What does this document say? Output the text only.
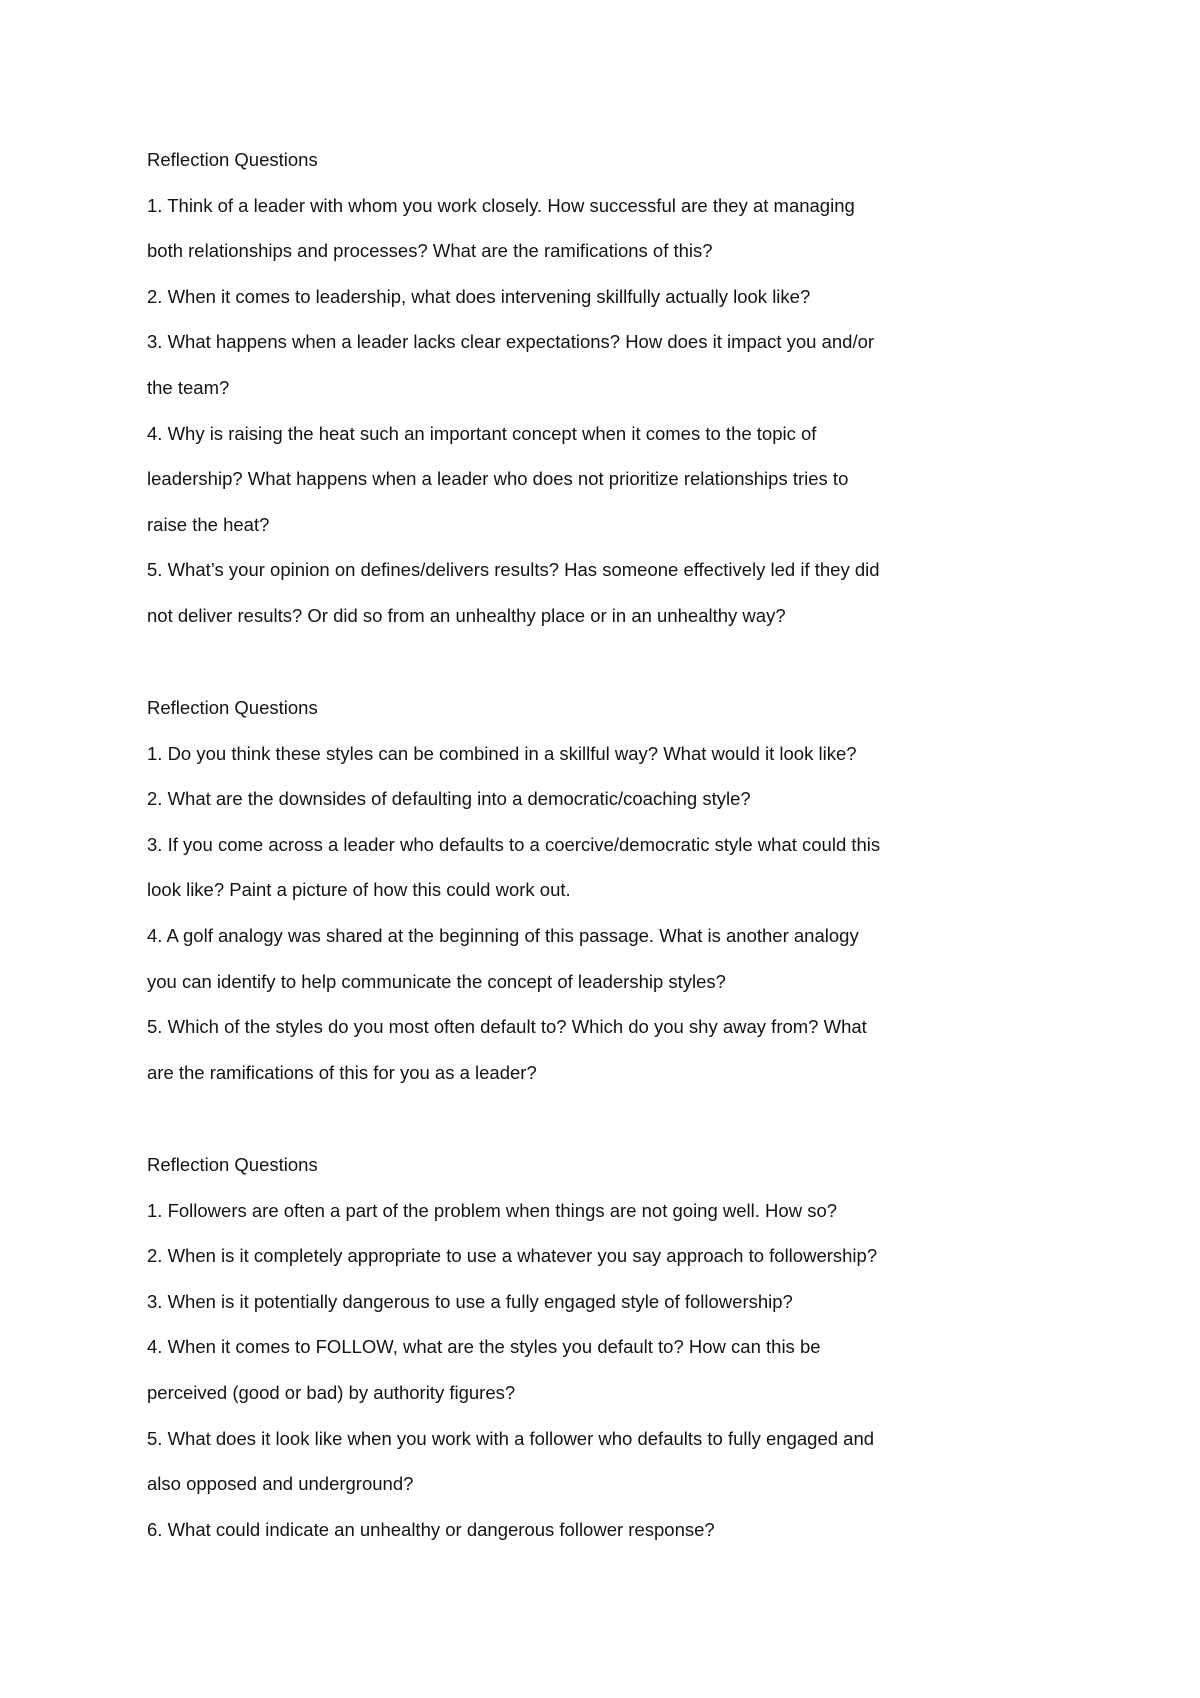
Reflection Questions
1. Think of a leader with whom you work closely. How successful are they at managing
both relationships and processes? What are the ramifications of this?
2. When it comes to leadership, what does intervening skillfully actually look like?
3. What happens when a leader lacks clear expectations? How does it impact you and/or
the team?
4. Why is raising the heat such an important concept when it comes to the topic of
leadership? What happens when a leader who does not prioritize relationships tries to
raise the heat?
5. What’s your opinion on defines/delivers results? Has someone effectively led if they did
not deliver results? Or did so from an unhealthy place or in an unhealthy way?
Reflection Questions
1. Do you think these styles can be combined in a skillful way? What would it look like?
2. What are the downsides of defaulting into a democratic/coaching style?
3. If you come across a leader who defaults to a coercive/democratic style what could this
look like? Paint a picture of how this could work out.
4. A golf analogy was shared at the beginning of this passage. What is another analogy
you can identify to help communicate the concept of leadership styles?
5. Which of the styles do you most often default to? Which do you shy away from? What
are the ramifications of this for you as a leader?
Reflection Questions
1. Followers are often a part of the problem when things are not going well. How so?
2. When is it completely appropriate to use a whatever you say approach to followership?
3. When is it potentially dangerous to use a fully engaged style of followership?
4. When it comes to FOLLOW, what are the styles you default to? How can this be
perceived (good or bad) by authority figures?
5. What does it look like when you work with a follower who defaults to fully engaged and
also opposed and underground?
6. What could indicate an unhealthy or dangerous follower response?
